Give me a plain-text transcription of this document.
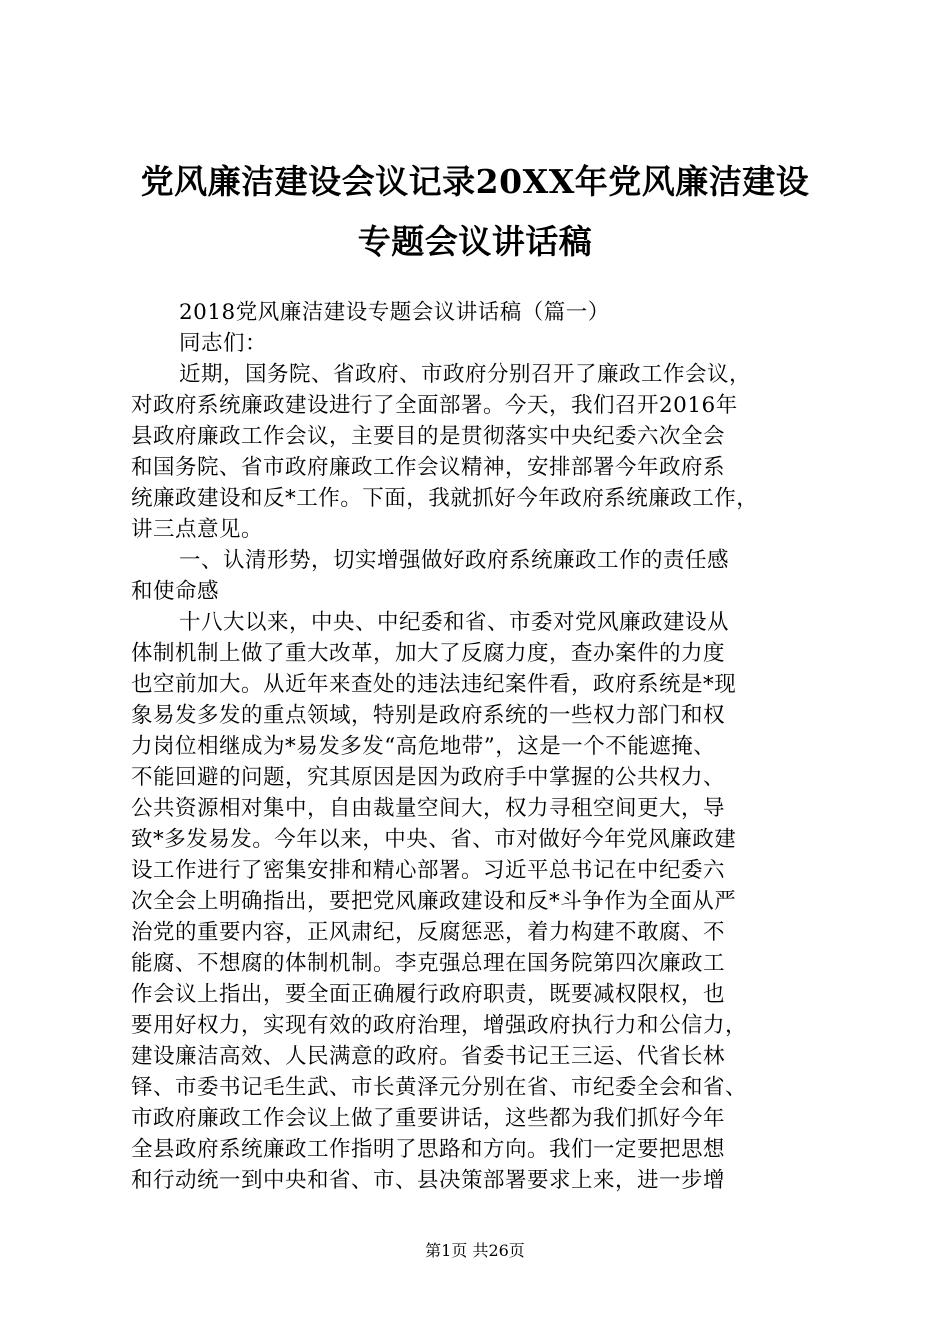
党风廉洁建设会议记录20XX年党风廉洁建设
专题会议讲话稿
2018党风廉洁建设专题会议讲话稿（篇一）
同志们：
近期，国务院、省政府、市政府分别召开了廉政工作会议，
对政府系统廉政建设进行了全面部署。今天，我们召开2016年
县政府廉政工作会议，主要目的是贯彻落实中央纪委六次全会
和国务院、省市政府廉政工作会议精神，安排部署今年政府系
统廉政建设和反*工作。下面，我就抓好今年政府系统廉政工作，
讲三点意见。
一、认清形势，切实增强做好政府系统廉政工作的责任感
和使命感
十八大以来，中央、中纪委和省、市委对党风廉政建设从
体制机制上做了重大改革，加大了反腐力度，查办案件的力度
也空前加大。从近年来查处的违法违纪案件看，政府系统是*现
象易发多发的重点领域，特别是政府系统的一些权力部门和权
力岗位相继成为*易发多发“高危地带”，这是一个不能遮掩、
不能回避的问题，究其原因是因为政府手中掌握的公共权力、
公共资源相对集中，自由裁量空间大，权力寻租空间更大，导
致*多发易发。今年以来，中央、省、市对做好今年党风廉政建
设工作进行了密集安排和精心部署。习近平总书记在中纪委六
次全会上明确指出，要把党风廉政建设和反*斗争作为全面从严
治党的重要内容，正风肃纪，反腐惩恶，着力构建不敢腐、不
能腐、不想腐的体制机制。李克强总理在国务院第四次廉政工
作会议上指出，要全面正确履行政府职责，既要减权限权，也
要用好权力，实现有效的政府治理，增强政府执行力和公信力，
建设廉洁高效、人民满意的政府。省委书记王三运、代省长林
铎、市委书记毛生武、市长黄泽元分别在省、市纪委全会和省、
市政府廉政工作会议上做了重要讲话，这些都为我们抓好今年
全县政府系统廉政工作指明了思路和方向。我们一定要把思想
和行动统一到中央和省、市、县决策部署要求上来，进一步增
第1页 共26页
